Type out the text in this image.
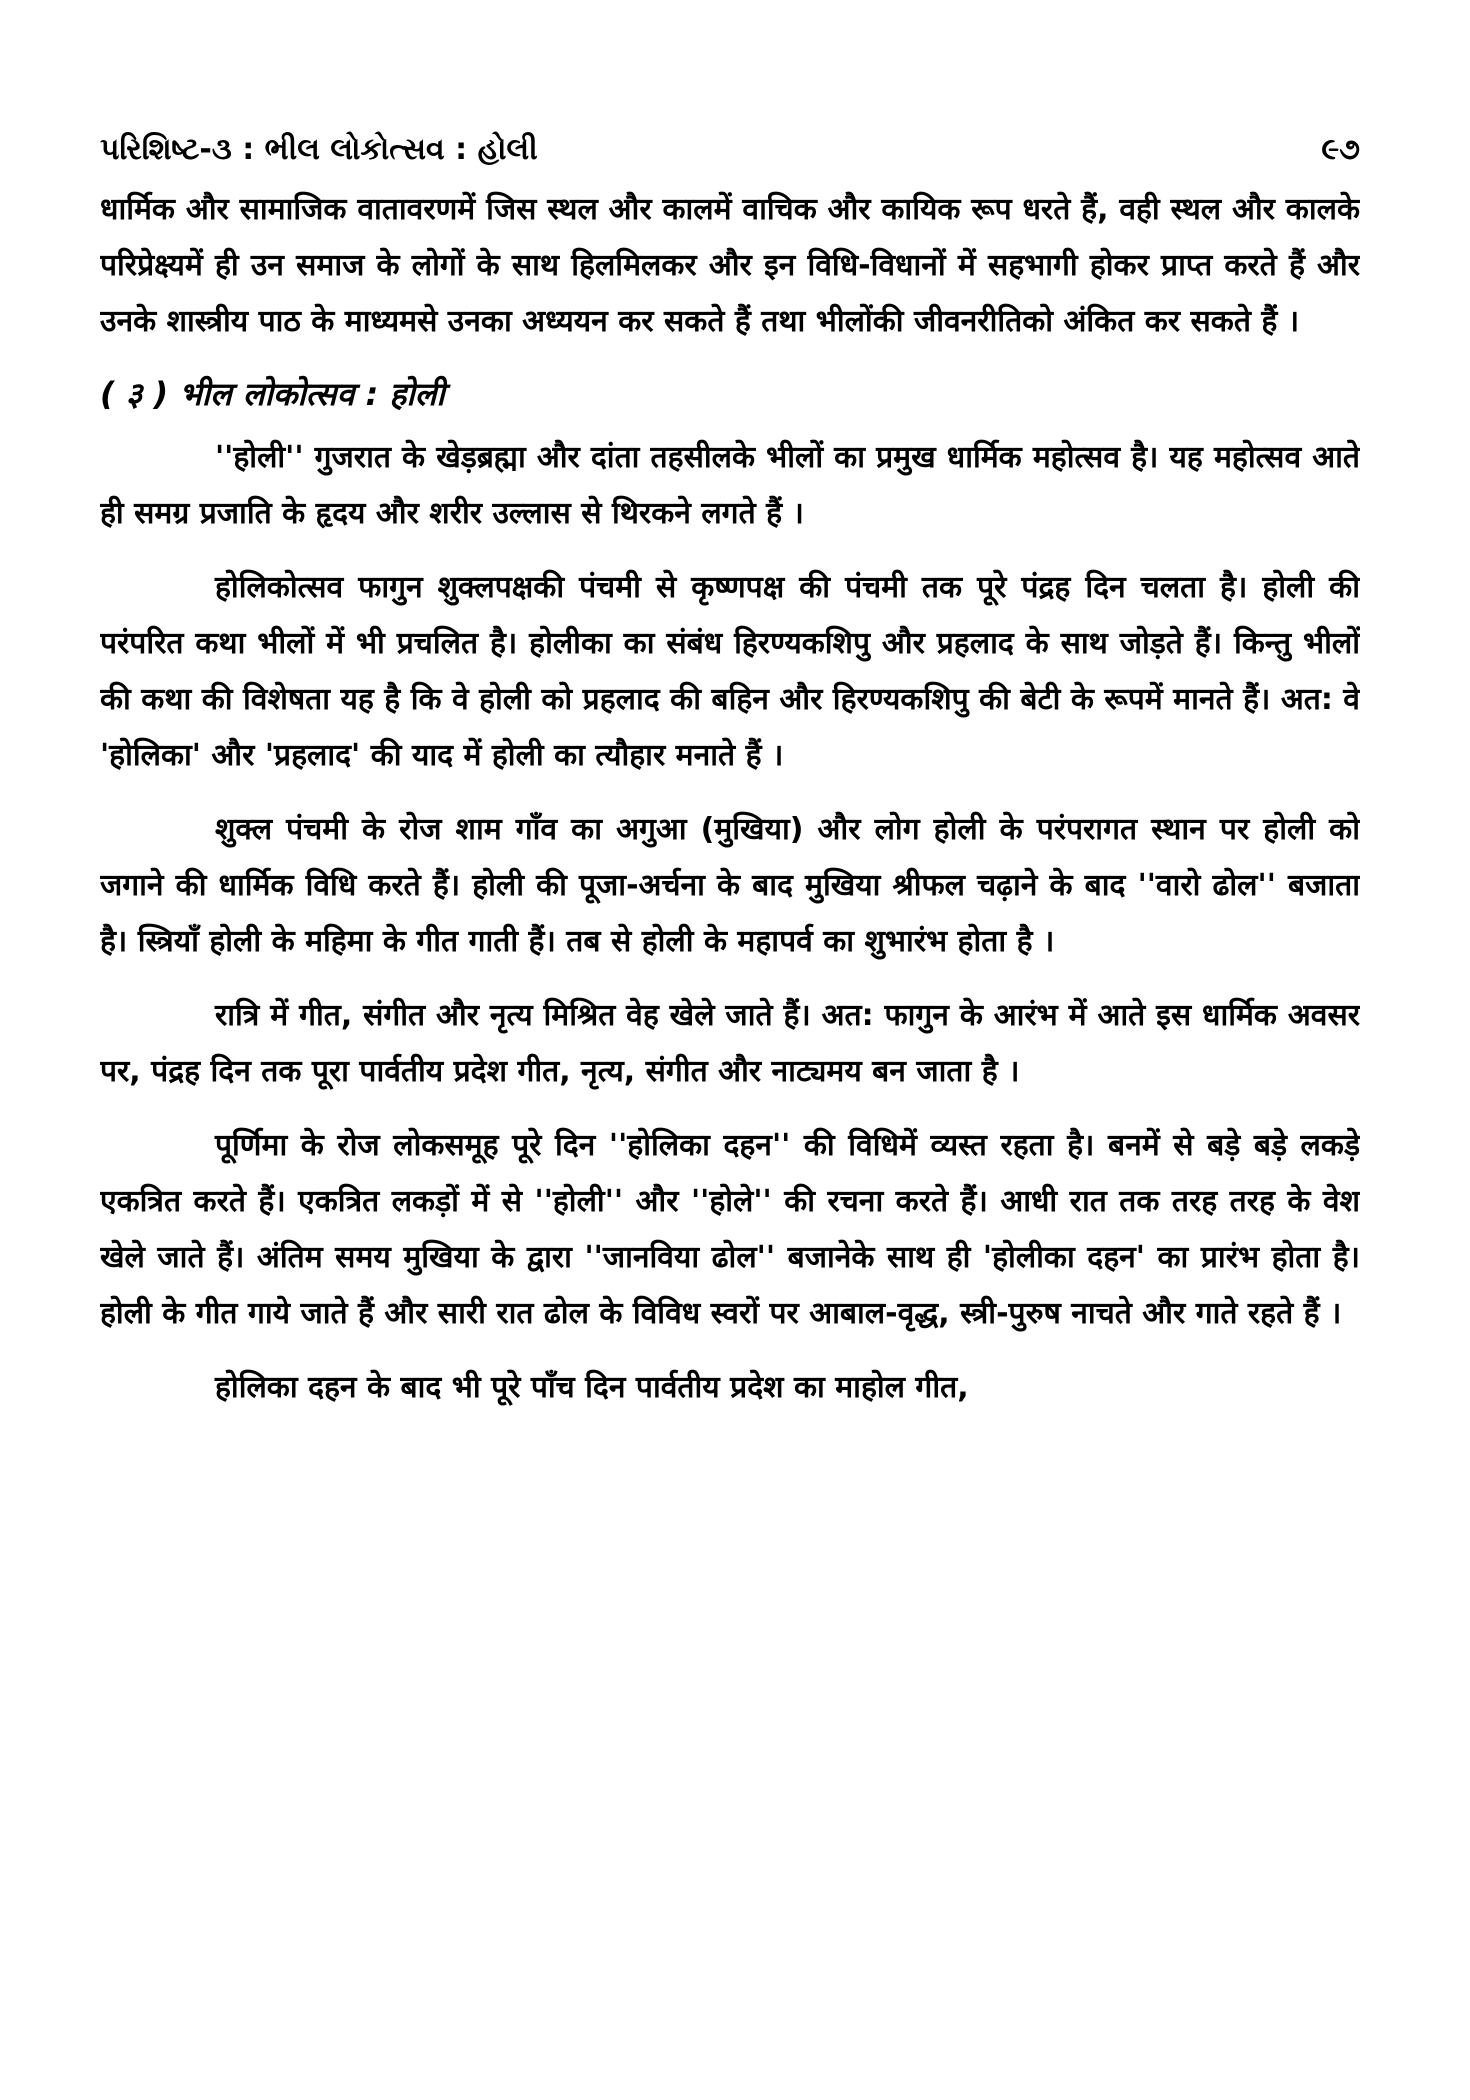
પરિશિષ્ટ-૩ : ભીલ લોકોત્સવ : હોલી	૯૭

धार्मिक और सामाजिक वातावरणमें जिस स्थल और कालमें वाचिक और कायिक रूप धरते हैं, वही स्थल और कालके परिप्रेक्ष्यमें ही उन समाज के लोगों के साथ हिलमिलकर और इन विधि-विधानों में सहभागी होकर प्राप्त करते हैं और उनके शास्त्रीय पाठ के माध्यमसे उनका अध्ययन कर सकते हैं तथा भीलोंकी जीवनरीतिको अंकित कर सकते हैं ।

( ३ ) भील लोकोत्सव : होली

''होली'' गुजरात के खेड़ब्रह्मा और दांता तहसीलके भीलों का प्रमुख धार्मिक महोत्सव है। यह महोत्सव आते ही समग्र प्रजाति के हृदय और शरीर उल्लास से थिरकने लगते हैं ।

होलिकोत्सव फागुन शुक्लपक्षकी पंचमी से कृष्णपक्ष की पंचमी तक पूरे पंद्रह दिन चलता है। होली की परंपरित कथा भीलों में भी प्रचलित है। होलीका का संबंध हिरण्यकशिपु और प्रहलाद के साथ जोड़ते हैं। किन्तु भीलों की कथा की विशेषता यह है कि वे होली को प्रहलाद की बहिन और हिरण्यकशिपु की बेटी के रूपमें मानते हैं। अत: वे 'होलिका' और 'प्रहलाद' की याद में होली का त्यौहार मनाते हैं ।

शुक्ल पंचमी के रोज शाम गाँव का अगुआ (मुखिया) और लोग होली के परंपरागत स्थान पर होली को जगाने की धार्मिक विधि करते हैं। होली की पूजा-अर्चना के बाद मुखिया श्रीफल चढ़ाने के बाद ''वारो ढोल'' बजाता है। स्त्रियाँ होली के महिमा के गीत गाती हैं। तब से होली के महापर्व का शुभारंभ होता है ।

रात्रि में गीत, संगीत और नृत्य मिश्रित वेह खेले जाते हैं। अत: फागुन के आरंभ में आते इस धार्मिक अवसर पर, पंद्रह दिन तक पूरा पार्वतीय प्रदेश गीत, नृत्य, संगीत और नाट्यमय बन जाता है ।

पूर्णिमा के रोज लोकसमूह पूरे दिन ''होलिका दहन'' की विधिमें व्यस्त रहता है। बनमें से बड़े बड़े लकड़े एकत्रित करते हैं। एकत्रित लकड़ों में से ''होली'' और ''होले'' की रचना करते हैं। आधी रात तक तरह तरह के वेश खेले जाते हैं। अंतिम समय मुखिया के द्वारा ''जानविया ढोल'' बजानेके साथ ही 'होलीका दहन' का प्रारंभ होता है। होली के गीत गाये जाते हैं और सारी रात ढोल के विविध स्वरों पर आबाल-वृद्ध, स्त्री-पुरुष नाचते और गाते रहते हैं ।

होलिका दहन के बाद भी पूरे पाँच दिन पार्वतीय प्रदेश का माहोल गीत,
